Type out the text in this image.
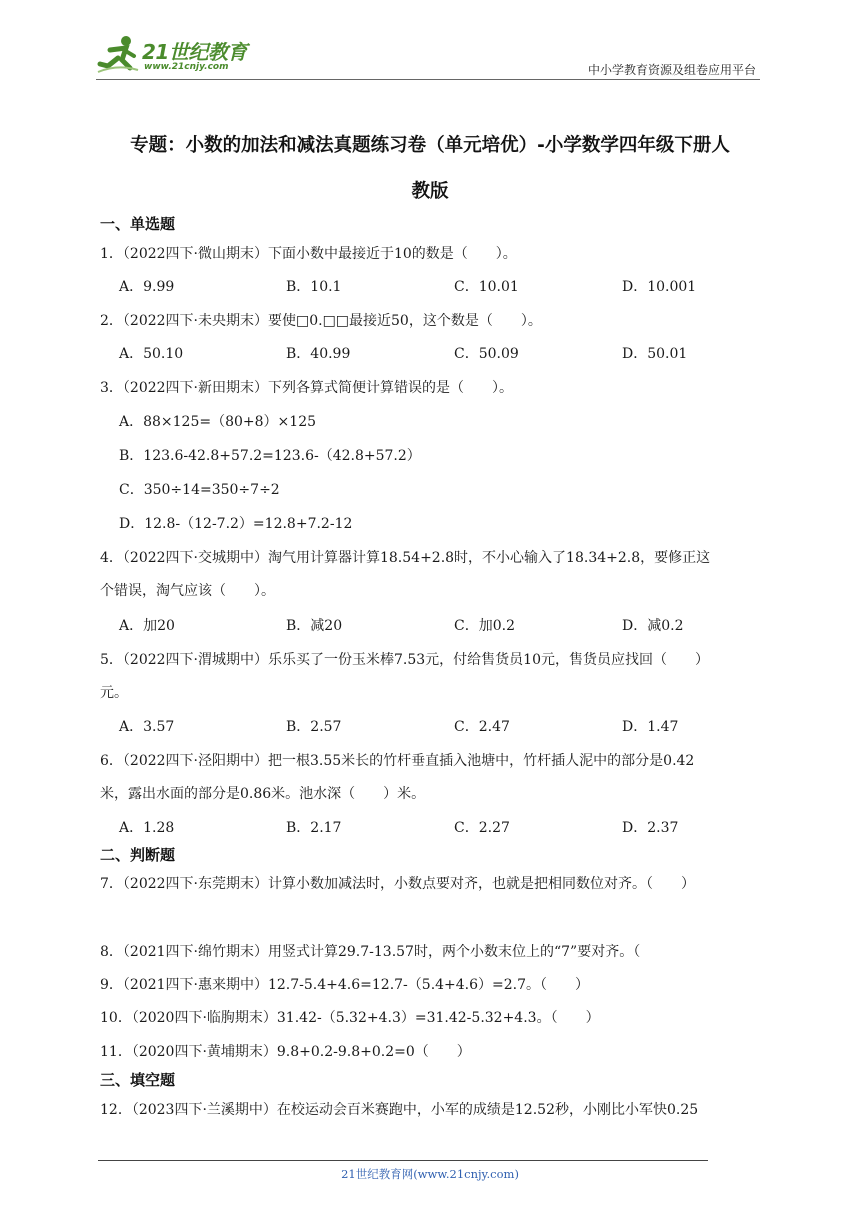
21世纪教育
www.21cnjy.com	中小学教育资源及组卷应用平台
专题：小数的加法和减法真题练习卷（单元培优）-小学数学四年级下册人
教版
一、单选题
1．（2022四下·微山期末）下面小数中最接近于10的数是（　　）。
A．9.99	B．10.1	C．10.01	D．10.001
2．（2022四下·未央期末）要使□0.□□最接近50，这个数是（　　）。
A．50.10	B．40.99	C．50.09	D．50.01
3．（2022四下·新田期末）下列各算式简便计算错误的是（　　）。
A．88×125=（80+8）×125
B．123.6-42.8+57.2=123.6-（42.8+57.2）
C．350÷14=350÷7÷2
D．12.8-（12-7.2）=12.8+7.2-12
4．（2022四下·交城期中）淘气用计算器计算18.54+2.8时，不小心输入了18.34+2.8，要修正这
个错误，淘气应该（　　）。
A．加20	B．减20	C．加0.2	D．减0.2
5．（2022四下·渭城期中）乐乐买了一份玉米棒7.53元，付给售货员10元，售货员应找回（　　）
元。
A．3.57	B．2.57	C．2.47	D．1.47
6．（2022四下·泾阳期中）把一根3.55米长的竹杆垂直插入池塘中，竹杆插人泥中的部分是0.42
米，露出水面的部分是0.86米。池水深（　　）米。
A．1.28	B．2.17	C．2.27	D．2.37
二、判断题
7．（2022四下·东莞期末）计算小数加减法时，小数点要对齐，也就是把相同数位对齐。（　　）
8．（2021四下·绵竹期末）用竖式计算29.7-13.57时，两个小数末位上的“7”要对齐。（
9．（2021四下·惠来期中）12.7-5.4+4.6=12.7-（5.4+4.6）=2.7。（　　）
10．（2020四下·临朐期末）31.42-（5.32+4.3）=31.42-5.32+4.3。（　　）
11．（2020四下·黄埔期末）9.8+0.2-9.8+0.2=0（　　）
三、填空题
12．（2023四下·兰溪期中）在校运动会百米赛跑中，小军的成绩是12.52秒，小刚比小军快0.25
21世纪教育网(www.21cnjy.com)
